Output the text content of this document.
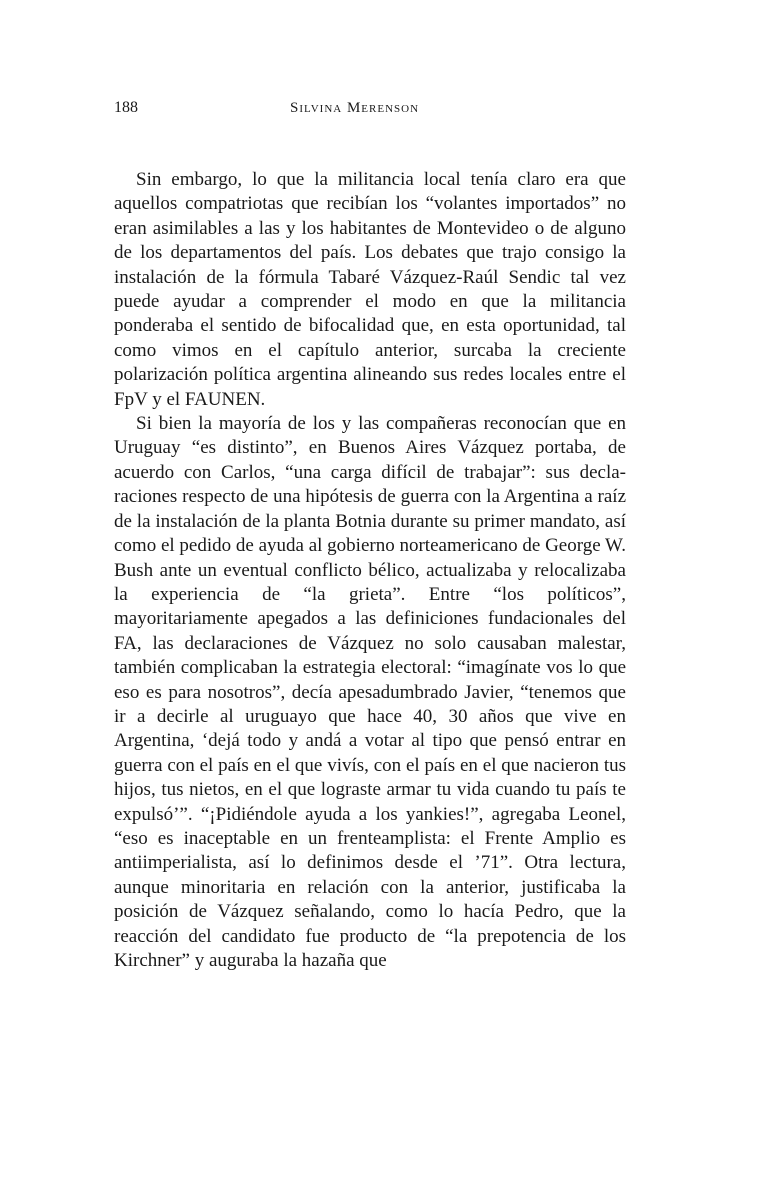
188	Silvina Merenson

Sin embargo, lo que la militancia local tenía claro era que aquellos compatriotas que recibían los “volantes importados” no eran asimilables a las y los habitantes de Montevideo o de alguno de los departamentos del país. Los debates que trajo consigo la instalación de la fórmula Tabaré Vázquez-Raúl Sendic tal vez puede ayudar a comprender el modo en que la militancia ponderaba el sentido de bifocalidad que, en esta oportunidad, tal como vimos en el capítulo anterior, surcaba la creciente polarización política argentina alineando sus redes locales entre el FpV y el FAUNEN.

Si bien la mayoría de los y las compañeras reconocían que en Uruguay “es distinto”, en Buenos Aires Vázquez portaba, de acuerdo con Carlos, “una carga difícil de trabajar”: sus declaraciones respecto de una hipótesis de guerra con la Argentina a raíz de la instalación de la planta Botnia durante su primer mandato, así como el pedido de ayuda al gobierno norteamericano de George W. Bush ante un eventual conflicto bélico, actualizaba y relocalizaba la experiencia de “la grieta”. Entre “los políticos”, mayoritariamente apegados a las definiciones fundacionales del FA, las declaraciones de Vázquez no solo causaban malestar, también complicaban la estrategia electoral: “imagínate vos lo que eso es para nosotros”, decía apesadumbrado Javier, “tenemos que ir a decirle al uruguayo que hace 40, 30 años que vive en Argentina, ‘dejá todo y andá a votar al tipo que pensó entrar en guerra con el país en el que vivís, con el país en el que nacieron tus hijos, tus nietos, en el que lograste armar tu vida cuando tu país te expulsó’”. “¡Pidiéndole ayuda a los yankies!”, agregaba Leonel, “eso es inaceptable en un frenteamplista: el Frente Amplio es antiimperialista, así lo definimos desde el ’71”. Otra lectura, aunque minoritaria en relación con la anterior, justificaba la posición de Vázquez señalando, como lo hacía Pedro, que la reacción del candidato fue producto de “la prepotencia de los Kirchner” y auguraba la hazaña que
